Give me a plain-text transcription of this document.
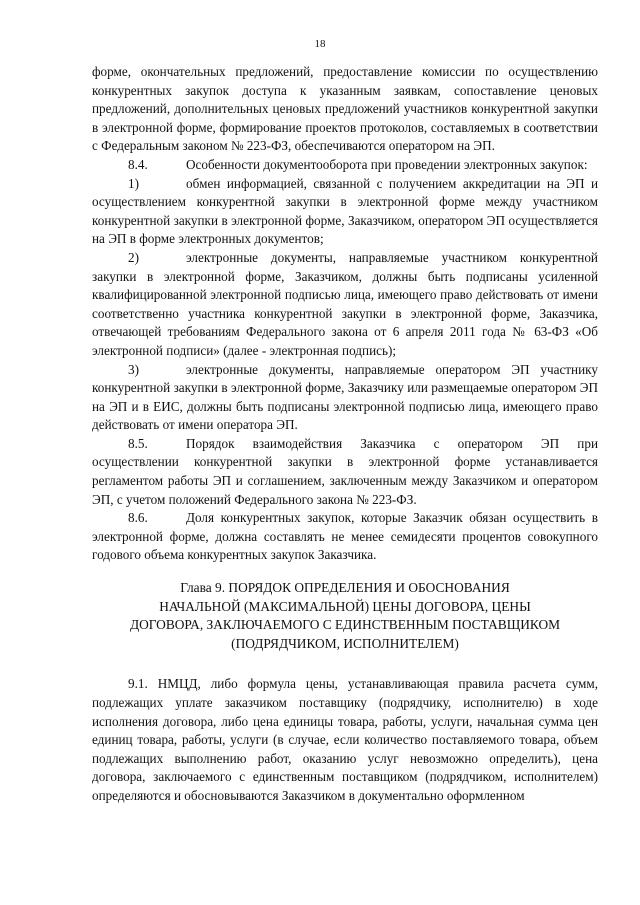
18

форме, окончательных предложений, предоставление комиссии по осуществлению конкурентных закупок доступа к указанным заявкам, сопоставление ценовых предложений, дополнительных ценовых предложений участников конкурентной закупки в электронной форме, формирование проектов протоколов, составляемых в соответствии с Федеральным законом № 223-ФЗ, обеспечиваются оператором на ЭП.

8.4.	Особенности документооборота при проведении электронных закупок:

1)	обмен информацией, связанной с получением аккредитации на ЭП и осуществлением конкурентной закупки в электронной форме между участником конкурентной закупки в электронной форме, Заказчиком, оператором ЭП осуществляется на ЭП в форме электронных документов;

2)	электронные документы, направляемые участником конкурентной закупки в электронной форме, Заказчиком, должны быть подписаны усиленной квалифицированной электронной подписью лица, имеющего право действовать от имени соответственно участника конкурентной закупки в электронной форме, Заказчика, отвечающей требованиям Федерального закона от 6 апреля 2011 года № 63-ФЗ «Об электронной подписи» (далее - электронная подпись);

3)	электронные документы, направляемые оператором ЭП участнику конкурентной закупки в электронной форме, Заказчику или размещаемые оператором ЭП на ЭП и в ЕИС, должны быть подписаны электронной подписью лица, имеющего право действовать от имени оператора ЭП.

8.5.	Порядок взаимодействия Заказчика с оператором ЭП при осуществлении конкурентной закупки в электронной форме устанавливается регламентом работы ЭП и соглашением, заключенным между Заказчиком и оператором ЭП, с учетом положений Федерального закона № 223-ФЗ.

8.6.	Доля конкурентных закупок, которые Заказчик обязан осуществить в электронной форме, должна составлять не менее семидесяти процентов совокупного годового объема конкурентных закупок Заказчика.

Глава 9. ПОРЯДОК ОПРЕДЕЛЕНИЯ И ОБОСНОВАНИЯ
НАЧАЛЬНОЙ (МАКСИМАЛЬНОЙ) ЦЕНЫ ДОГОВОРА, ЦЕНЫ
ДОГОВОРА, ЗАКЛЮЧАЕМОГО С ЕДИНСТВЕННЫМ ПОСТАВЩИКОМ
(ПОДРЯДЧИКОМ, ИСПОЛНИТЕЛЕМ)

9.1. НМЦД, либо формула цены, устанавливающая правила расчета сумм, подлежащих уплате заказчиком поставщику (подрядчику, исполнителю) в ходе исполнения договора, либо цена единицы товара, работы, услуги, начальная сумма цен единиц товара, работы, услуги (в случае, если количество поставляемого товара, объем подлежащих выполнению работ, оказанию услуг невозможно определить), цена договора, заключаемого с единственным поставщиком (подрядчиком, исполнителем) определяются и обосновываются Заказчиком в документально оформленном
